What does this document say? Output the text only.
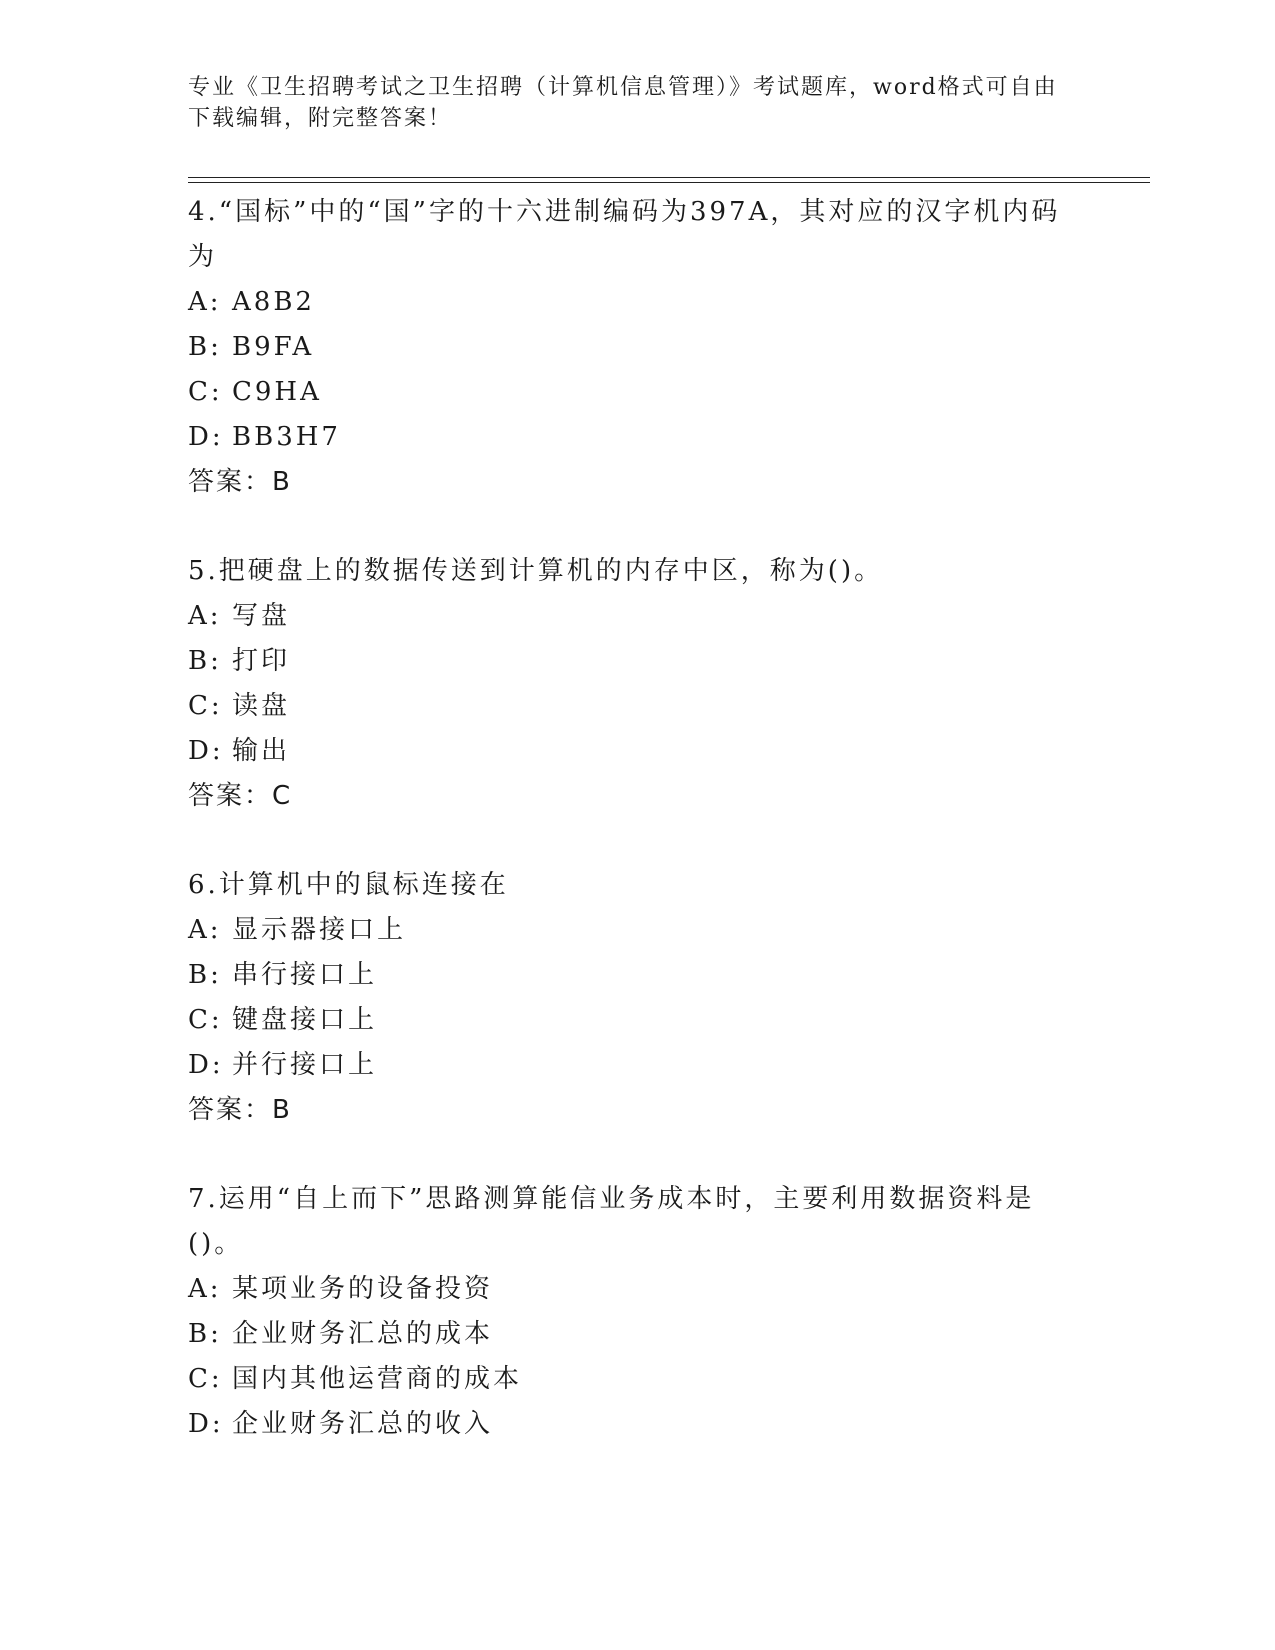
专业《卫生招聘考试之卫生招聘（计算机信息管理）》考试题库，word格式可自由下载编辑，附完整答案！
4.“国标”中的“国”字的十六进制编码为397A，其对应的汉字机内码为
A: A8B2
B: B9FA
C: C9HA
D: BB3H7
答案：B
5.把硬盘上的数据传送到计算机的内存中区，称为()。
A: 写盘
B: 打印
C: 读盘
D: 输出
答案：C
6.计算机中的鼠标连接在
A: 显示器接口上
B: 串行接口上
C: 键盘接口上
D: 并行接口上
答案：B
7.运用“自上而下”思路测算能信业务成本时，主要利用数据资料是()。
A: 某项业务的设备投资
B: 企业财务汇总的成本
C: 国内其他运营商的成本
D: 企业财务汇总的收入
